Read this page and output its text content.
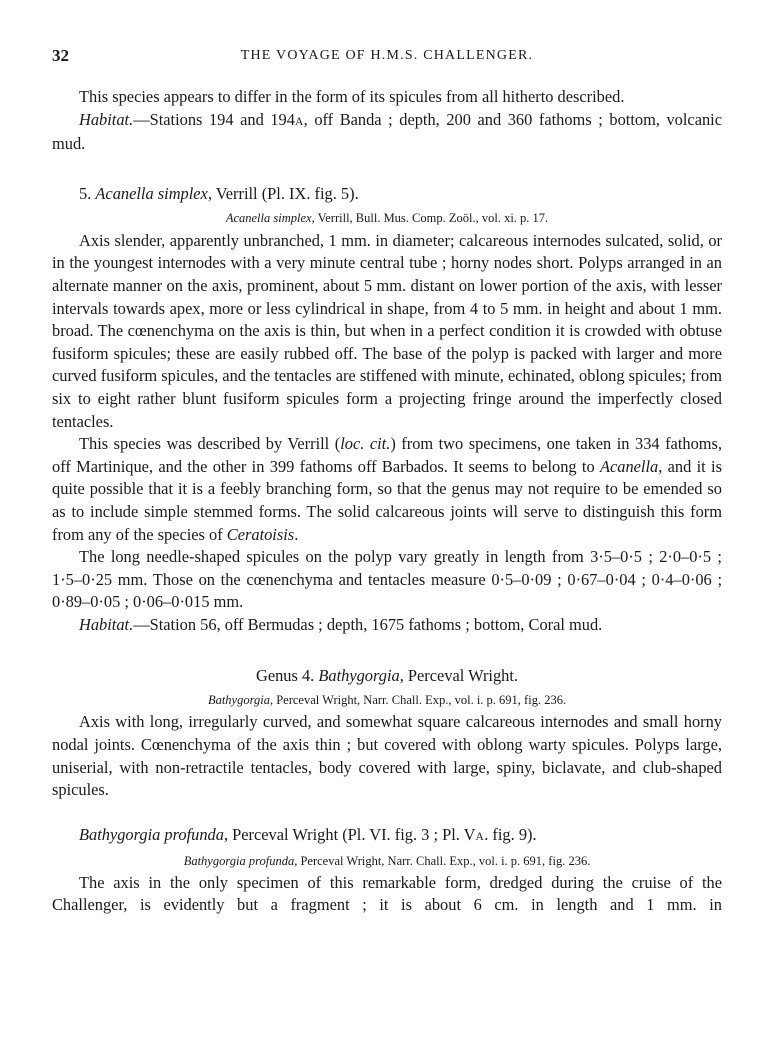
32	THE VOYAGE OF H.M.S. CHALLENGER.

This species appears to differ in the form of its spicules from all hitherto described.

Habitat.—Stations 194 and 194A, off Banda ; depth, 200 and 360 fathoms ; bottom, volcanic mud.

5. Acanella simplex, Verrill (Pl. IX. fig. 5).

Acanella simplex, Verrill, Bull. Mus. Comp. Zoöl., vol. xi. p. 17.

Axis slender, apparently unbranched, 1 mm. in diameter; calcareous internodes sulcated, solid, or in the youngest internodes with a very minute central tube ; horny nodes short. Polyps arranged in an alternate manner on the axis, prominent, about 5 mm. distant on lower portion of the axis, with lesser intervals towards apex, more or less cylindrical in shape, from 4 to 5 mm. in height and about 1 mm. broad. The cœnenchyma on the axis is thin, but when in a perfect condition it is crowded with obtuse fusiform spicules; these are easily rubbed off. The base of the polyp is packed with larger and more curved fusiform spicules, and the tentacles are stiffened with minute, echinated, oblong spicules; from six to eight rather blunt fusiform spicules form a projecting fringe around the imperfectly closed tentacles.

This species was described by Verrill (loc. cit.) from two specimens, one taken in 334 fathoms, off Martinique, and the other in 399 fathoms off Barbados. It seems to belong to Acanella, and it is quite possible that it is a feebly branching form, so that the genus may not require to be emended so as to include simple stemmed forms. The solid calcareous joints will serve to distinguish this form from any of the species of Ceratoisis.

The long needle-shaped spicules on the polyp vary greatly in length from 3·5–0·5 ; 2·0–0·5 ; 1·5–0·25 mm. Those on the cœnenchyma and tentacles measure 0·5–0·09 ; 0·67–0·04 ; 0·4–0·06 ; 0·89–0·05 ; 0·06–0·015 mm.

Habitat.—Station 56, off Bermudas ; depth, 1675 fathoms ; bottom, Coral mud.

Genus 4. Bathygorgia, Perceval Wright.

Bathygorgia, Perceval Wright, Narr. Chall. Exp., vol. i. p. 691, fig. 236.

Axis with long, irregularly curved, and somewhat square calcareous internodes and small horny nodal joints. Cœnenchyma of the axis thin ; but covered with oblong warty spicules. Polyps large, uniserial, with non-retractile tentacles, body covered with large, spiny, biclavate, and club-shaped spicules.

Bathygorgia profunda, Perceval Wright (Pl. VI. fig. 3 ; Pl. VA. fig. 9).

Bathygorgia profunda, Perceval Wright, Narr. Chall. Exp., vol. i. p. 691, fig. 236.

The axis in the only specimen of this remarkable form, dredged during the cruise of the Challenger, is evidently but a fragment ; it is about 6 cm. in length and 1 mm. in
